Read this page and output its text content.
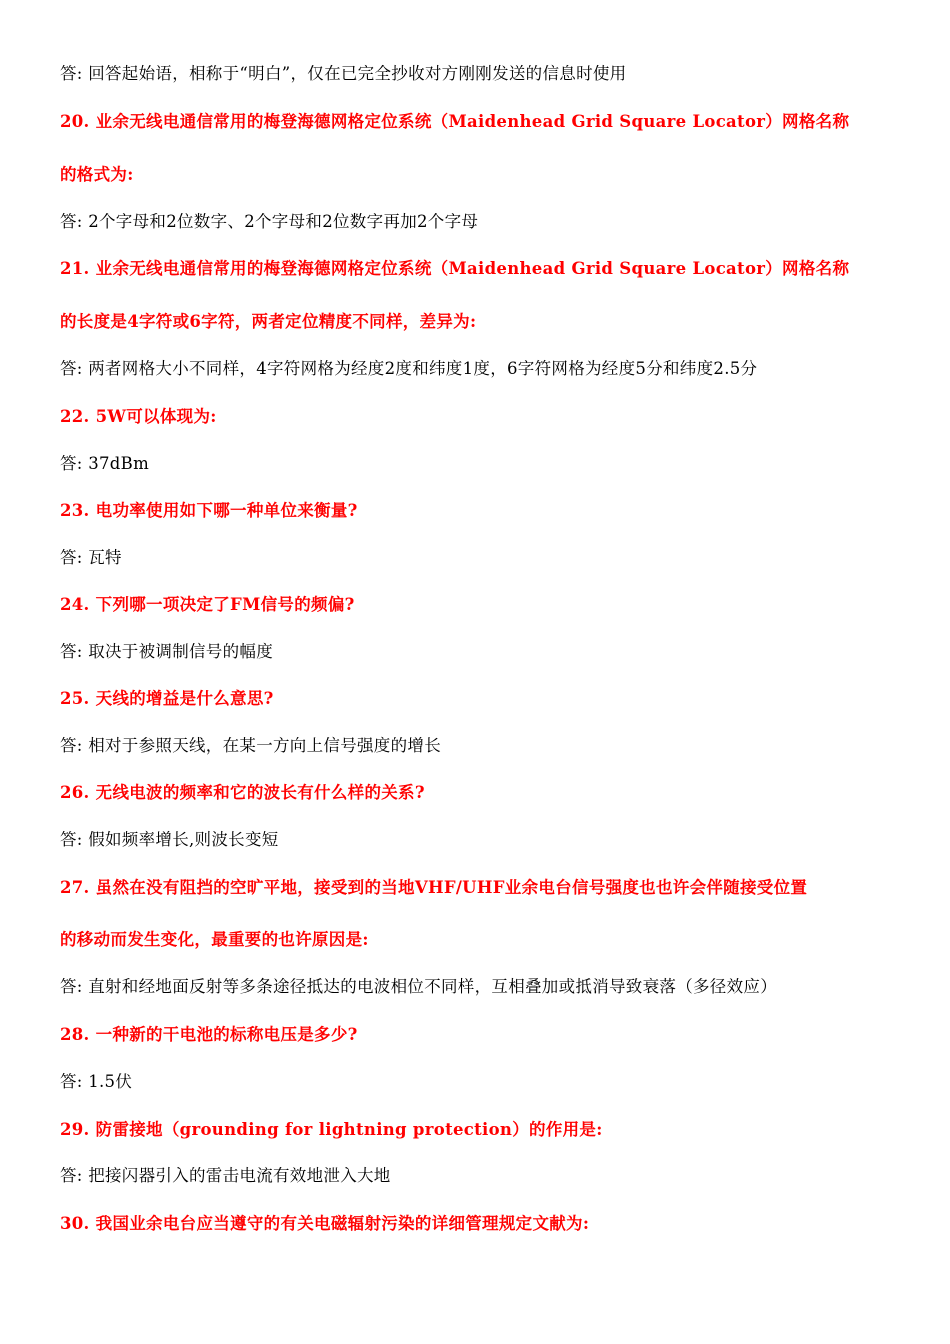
答: 回答起始语，相称于“明白”，仅在已完全抄收对方刚刚发送的信息时使用
20. 业余无线电通信常用的梅登海德网格定位系统（Maidenhead Grid Square Locator）网格名称
的格式为:
答: 2个字母和2位数字、2个字母和2位数字再加2个字母
21. 业余无线电通信常用的梅登海德网格定位系统（Maidenhead Grid Square Locator）网格名称
的长度是4字符或6字符，两者定位精度不同样，差异为:
答: 两者网格大小不同样，4字符网格为经度2度和纬度1度，6字符网格为经度5分和纬度2.5分
22. 5W可以体现为:
答: 37dBm
23. 电功率使用如下哪一种单位来衡量?
答: 瓦特
24. 下列哪一项决定了FM信号的频偏?
答: 取决于被调制信号的幅度
25. 天线的增益是什么意思?
答: 相对于参照天线，在某一方向上信号强度的增长
26. 无线电波的频率和它的波长有什么样的关系?
答: 假如频率增长,则波长变短
27. 虽然在没有阻挡的空旷平地，接受到的当地VHF/UHF业余电台信号强度也也许会伴随接受位置
的移动而发生变化，最重要的也许原因是:
答: 直射和经地面反射等多条途径抵达的电波相位不同样，互相叠加或抵消导致衰落（多径效应）
28. 一种新的干电池的标称电压是多少?
答: 1.5伏
29. 防雷接地（grounding for lightning protection）的作用是:
答: 把接闪器引入的雷击电流有效地泄入大地
30. 我国业余电台应当遵守的有关电磁辐射污染的详细管理规定文献为:
